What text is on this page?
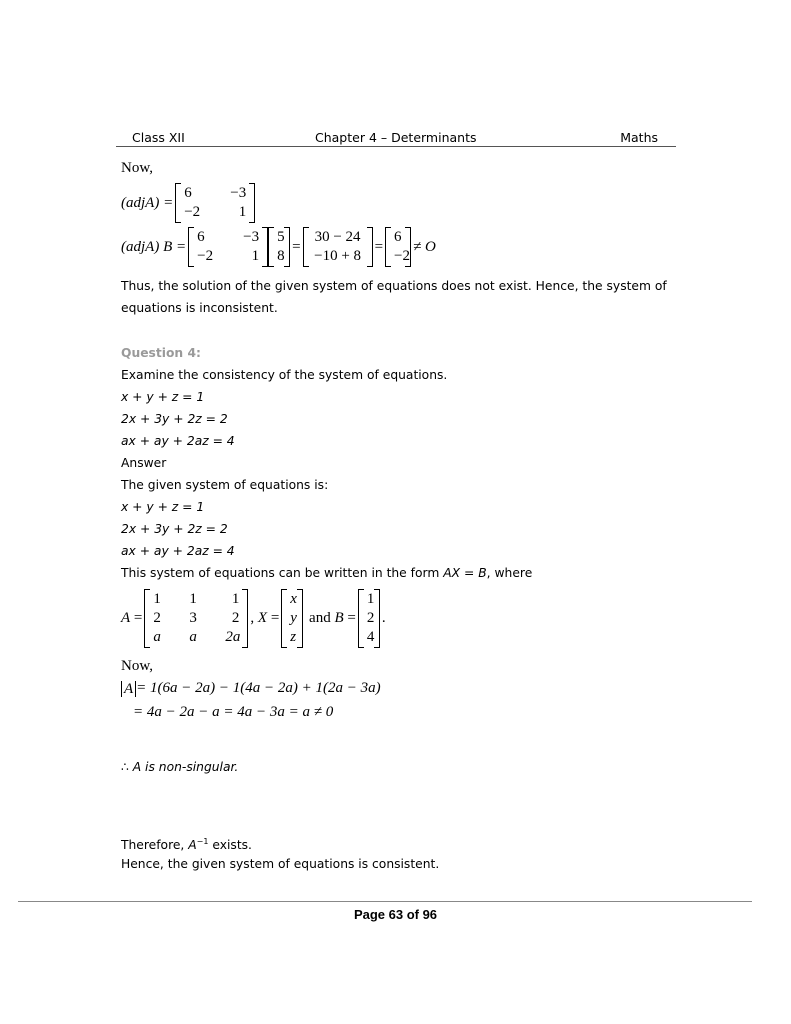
Class XII	Chapter 4 – Determinants	Maths
Now,
(adjA) =
6	−3
−2	1
(adjA) B =
6	−3
−2	1
5
8
=
30 − 24
−10 + 8
=
6
−2
≠ O
Thus, the solution of the given system of equations does not exist. Hence, the system of
equations is inconsistent.
Question 4:
Examine the consistency of the system of equations.
x + y + z = 1
2x + 3y + 2z = 2
ax + ay + 2az = 4
Answer
The given system of equations is:
x + y + z = 1
2x + 3y + 2z = 2
ax + ay + 2az = 4
This system of equations can be written in the form AX = B, where
A =
1	1	1
2	3	2
a	a	2a
, X =
x
y
z

and
B =
1
2
4
.
Now,
A = 1(6a − 2a) − 1(4a − 2a) + 1(2a − 3a)
= 4a − 2a − a = 4a − 3a = a ≠ 0
∴ A is non-singular.
Therefore, $A^{-1}$ exists.
Hence, the given system of equations is consistent.
Page 63 of 96
